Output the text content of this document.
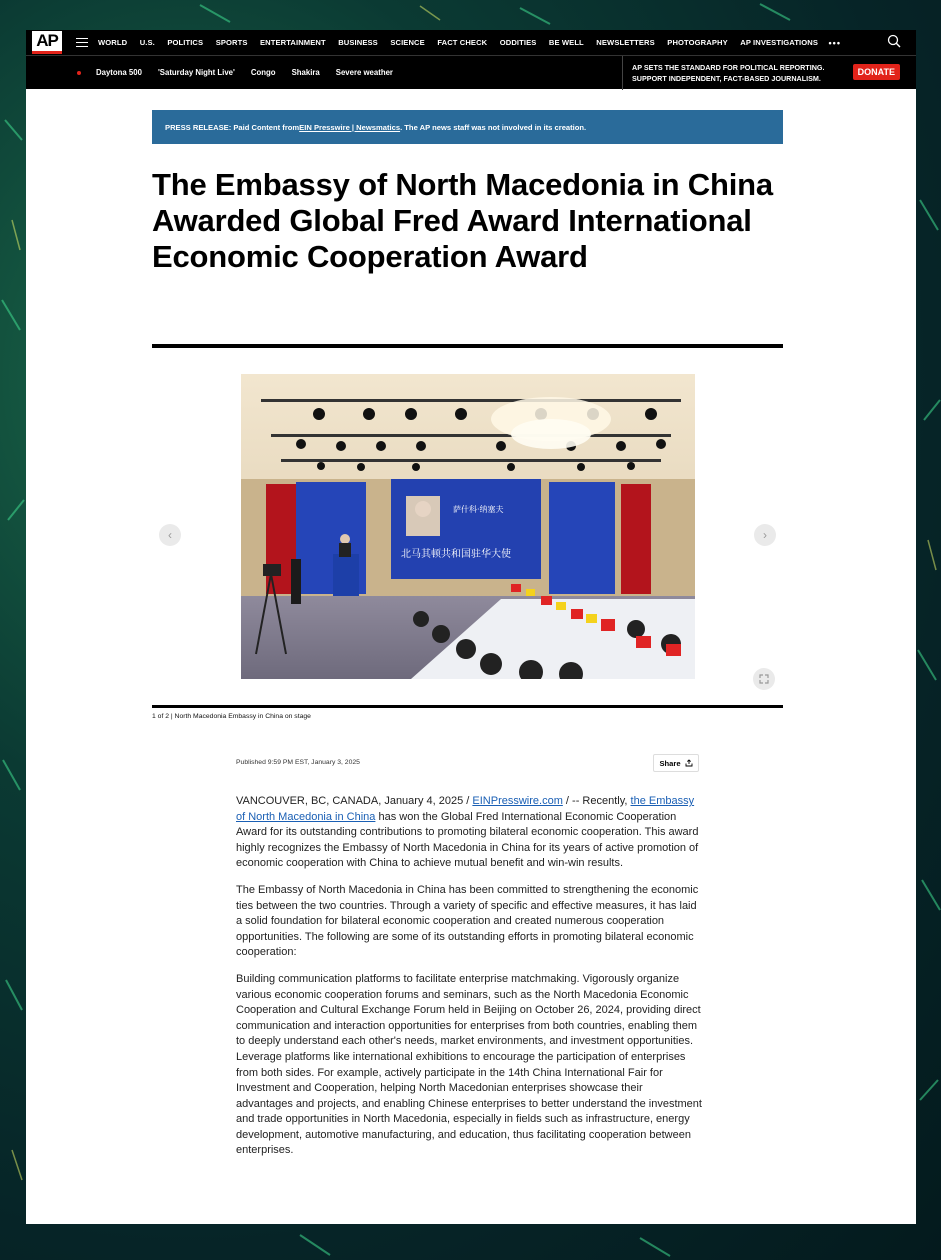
AP	WORLD U.S. POLITICS SPORTS ENTERTAINMENT BUSINESS SCIENCE FACT CHECK ODDITIES BE WELL NEWSLETTERS PHOTOGRAPHY AP INVESTIGATIONS •••
Daytona 500 'Saturday Night Live' Congo Shakira Severe weather
AP SETS THE STANDARD FOR POLITICAL REPORTING.
SUPPORT INDEPENDENT, FACT-BASED JOURNALISM.
DONATE
PRESS RELEASE: Paid Content from EIN Presswire | Newsmatics . The AP news staff was not involved in its creation.
The Embassy of North Macedonia in China Awarded Global Fred Award International Economic Cooperation Award
萨什科·纳塞夫
北马其顿共和国驻华大使
‹	›
1 of 2 | North Macedonia Embassy in China on stage
Published 9:59 PM EST, January 3, 2025	Share

VANCOUVER, BC, CANADA, January 4, 2025 / EINPresswire.com / -- Recently, the Embassy of North Macedonia in China has won the Global Fred International Economic Cooperation Award for its outstanding contributions to promoting bilateral economic cooperation. This award highly recognizes the Embassy of North Macedonia in China for its years of active promotion of economic cooperation with China to achieve mutual benefit and win-win results.

The Embassy of North Macedonia in China has been committed to strengthening the economic ties between the two countries. Through a variety of specific and effective measures, it has laid a solid foundation for bilateral economic cooperation and created numerous cooperation opportunities. The following are some of its outstanding efforts in promoting bilateral economic cooperation:

Building communication platforms to facilitate enterprise matchmaking. Vigorously organize various economic cooperation forums and seminars, such as the North Macedonia Economic Cooperation and Cultural Exchange Forum held in Beijing on October 26, 2024, providing direct communication and interaction opportunities for enterprises from both countries, enabling them to deeply understand each other's needs, market environments, and investment opportunities. Leverage platforms like international exhibitions to encourage the participation of enterprises from both sides. For example, actively participate in the 14th China International Fair for Investment and Cooperation, helping North Macedonian enterprises showcase their advantages and projects, and enabling Chinese enterprises to better understand the investment and trade opportunities in North Macedonia, especially in fields such as infrastructure, energy development, automotive manufacturing, and education, thus facilitating cooperation between enterprises.
